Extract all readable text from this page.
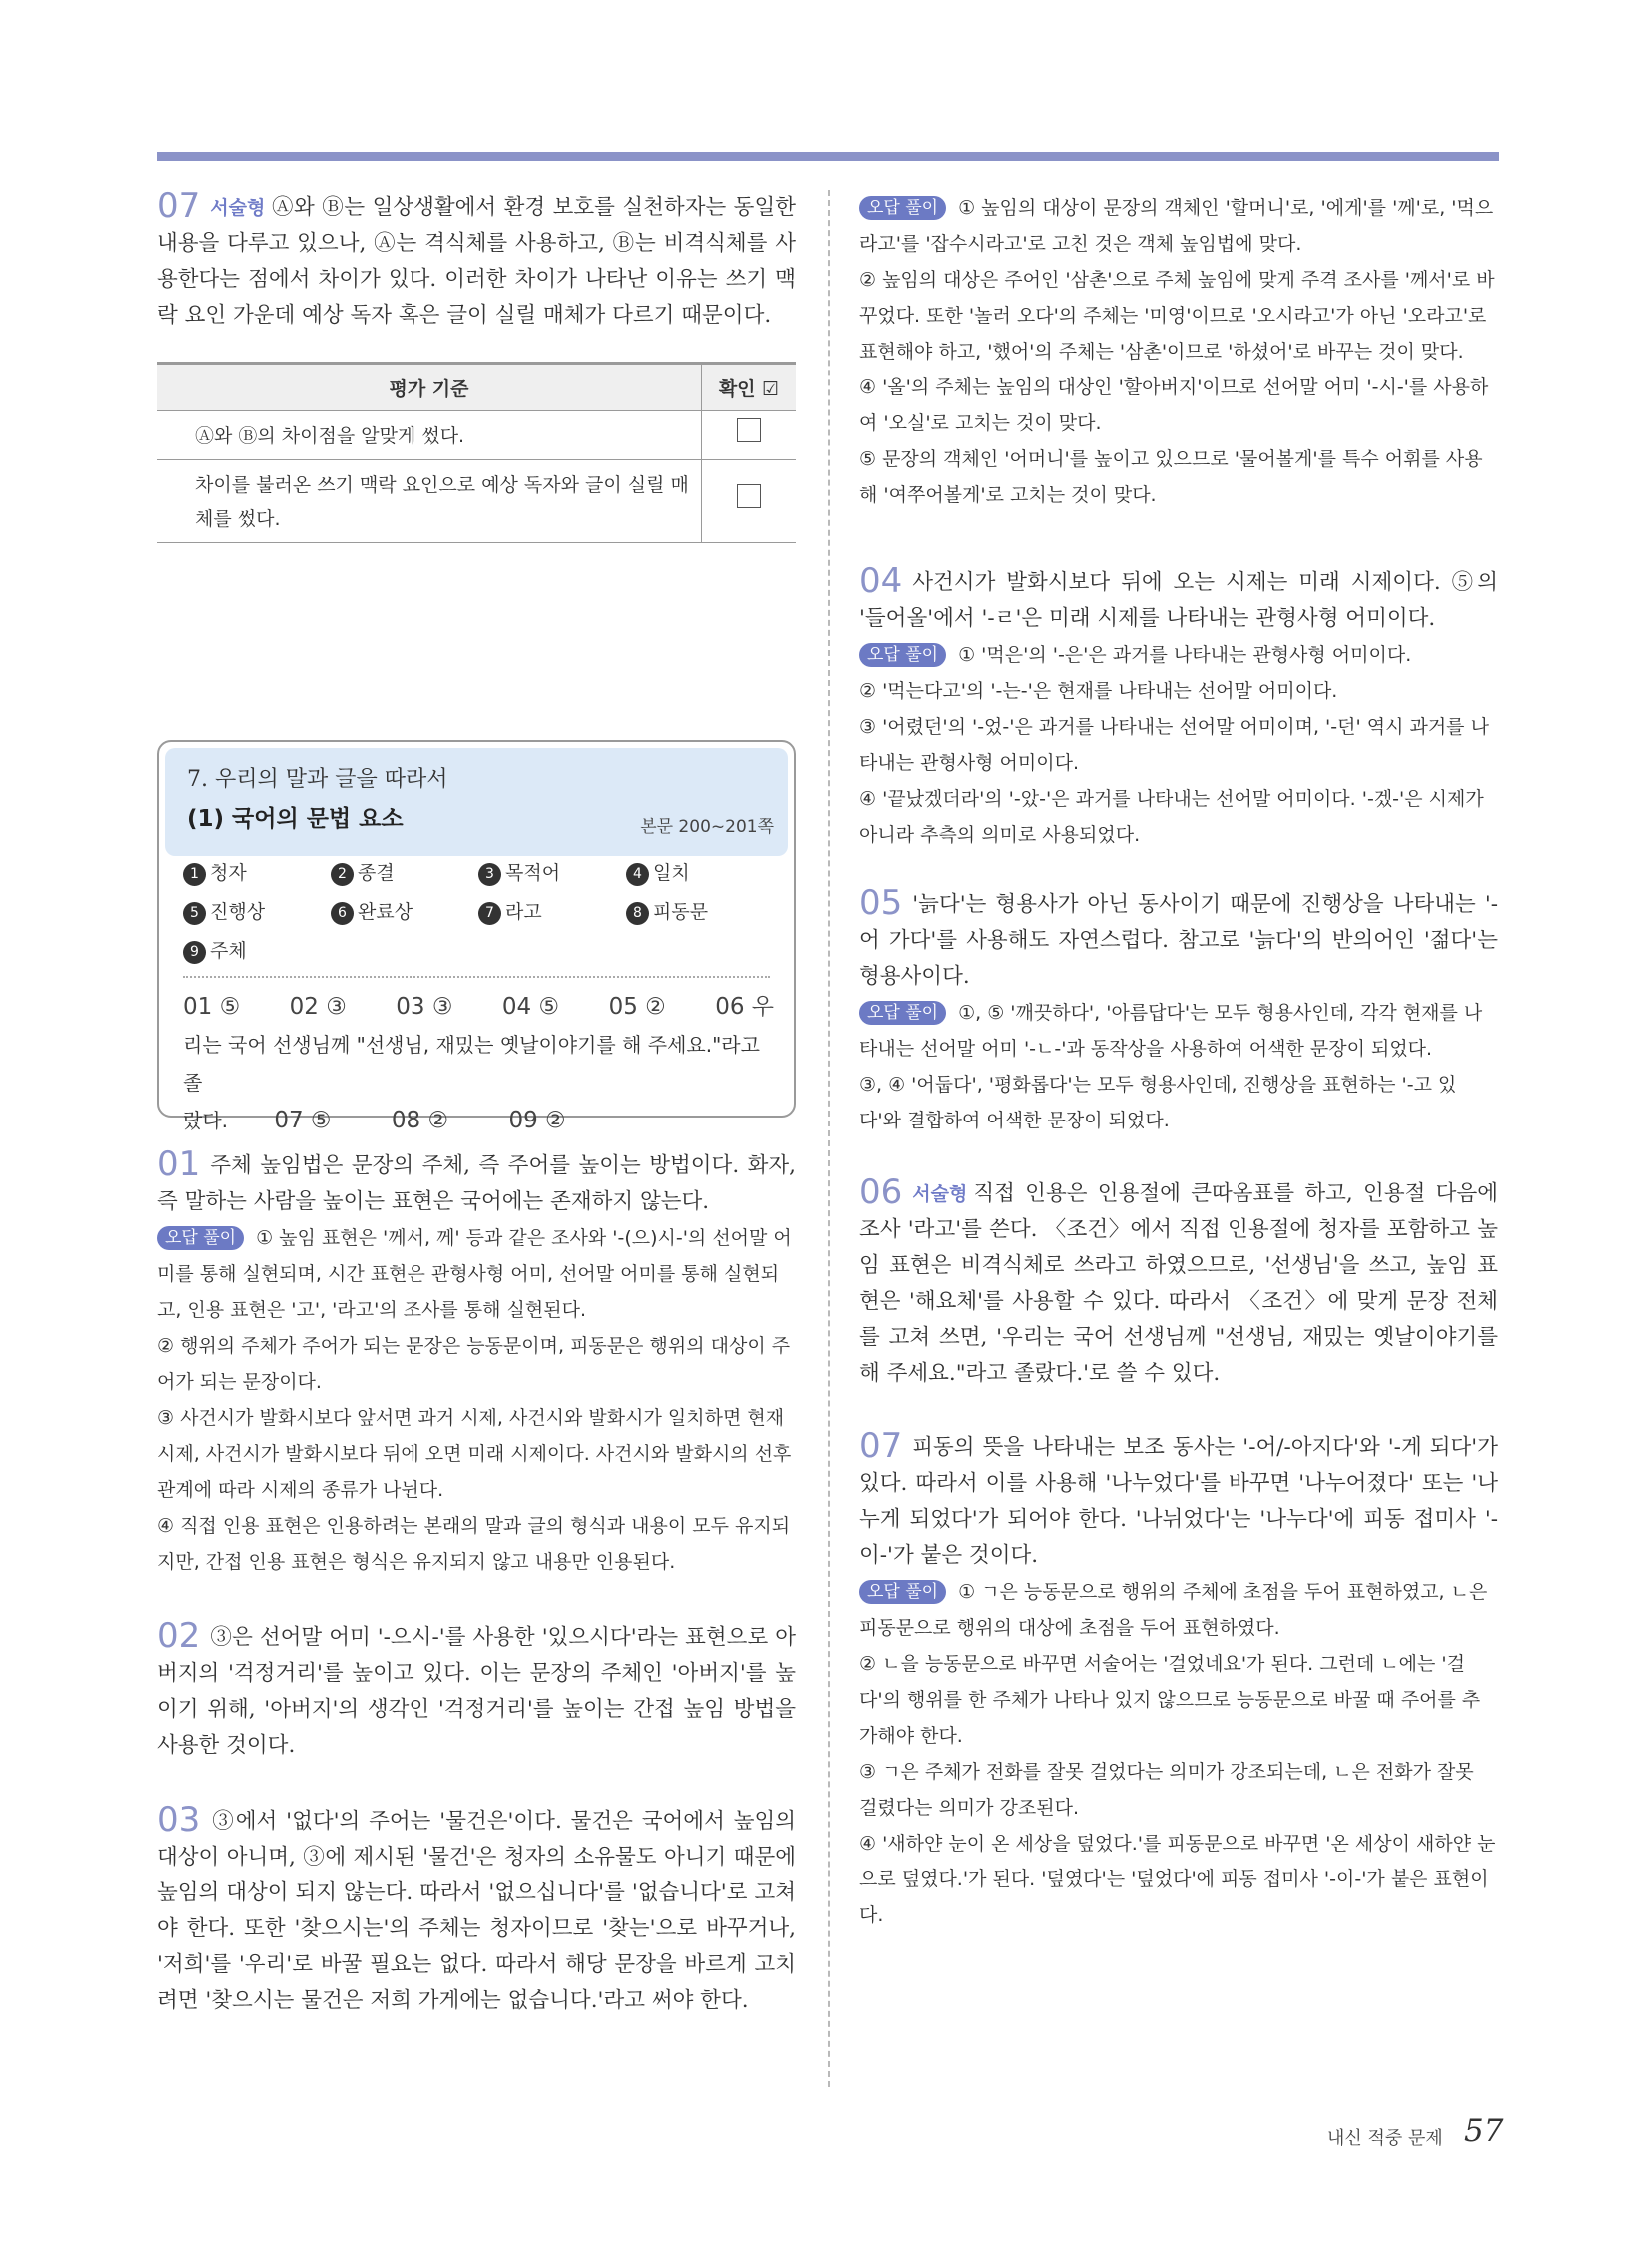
07 서술형 Ⓐ와 Ⓑ는 일상생활에서 환경 보호를 실천하자는 동일한 내용을 다루고 있으나, Ⓐ는 격식체를 사용하고, Ⓑ는 비격식체를 사용한다는 점에서 차이가 있다. 이러한 차이가 나타난 이유는 쓰기 맥락 요인 가운데 예상 독자 혹은 글이 실릴 매체가 다르기 때문이다.
평가 기준	확인 ☑
Ⓐ와 Ⓑ의 차이점을 알맞게 썼다.	
차이를 불러온 쓰기 맥락 요인으로 예상 독자와 글이 실릴 매체를 썼다.	
7. 우리의 말과 글을 따라서
(1) 국어의 문법 요소	본문 200~201쪽
1 청자	2 종결	3 목적어	4 일치
5 진행상	6 완료상	7 라고	8 피동문
9 주체
01 ⑤ 02 ③ 03 ③ 04 ⑤ 05 ② 06 우
리는 국어 선생님께 "선생님, 재밌는 옛날이야기를 해 주세요."라고 졸
랐다. 07 ⑤	08 ②	09 ②
01 주체 높임법은 문장의 주체, 즉 주어를 높이는 방법이다. 화자, 즉 말하는 사람을 높이는 표현은 국어에는 존재하지 않는다.

오답 풀이 ① 높임 표현은 '께서, 께' 등과 같은 조사와 '-(으)시-'의 선어말 어미를 통해 실현되며, 시간 표현은 관형사형 어미, 선어말 어미를 통해 실현되고, 인용 표현은 '고', '라고'의 조사를 통해 실현된다.

② 행위의 주체가 주어가 되는 문장은 능동문이며, 피동문은 행위의 대상이 주어가 되는 문장이다.

③ 사건시가 발화시보다 앞서면 과거 시제, 사건시와 발화시가 일치하면 현재 시제, 사건시가 발화시보다 뒤에 오면 미래 시제이다. 사건시와 발화시의 선후 관계에 따라 시제의 종류가 나뉜다.

④ 직접 인용 표현은 인용하려는 본래의 말과 글의 형식과 내용이 모두 유지되지만, 간접 인용 표현은 형식은 유지되지 않고 내용만 인용된다.

02 ③은 선어말 어미 '-으시-'를 사용한 '있으시다'라는 표현으로 아버지의 '걱정거리'를 높이고 있다. 이는 문장의 주체인 '아버지'를 높이기 위해, '아버지'의 생각인 '걱정거리'를 높이는 간접 높임 방법을 사용한 것이다.
03 ③에서 '없다'의 주어는 '물건은'이다. 물건은 국어에서 높임의 대상이 아니며, ③에 제시된 '물건'은 청자의 소유물도 아니기 때문에 높임의 대상이 되지 않는다. 따라서 '없으십니다'를 '없습니다'로 고쳐야 한다. 또한 '찾으시는'의 주체는 청자이므로 '찾는'으로 바꾸거나, '저희'를 '우리'로 바꿀 필요는 없다. 따라서 해당 문장을 바르게 고치려면 '찾으시는 물건은 저희 가게에는 없습니다.'라고 써야 한다.

오답 풀이 ① 높임의 대상이 문장의 객체인 '할머니'로, '에게'를 '께'로, '먹으라고'를 '잡수시라고'로 고친 것은 객체 높임법에 맞다.

② 높임의 대상은 주어인 '삼촌'으로 주체 높임에 맞게 주격 조사를 '께서'로 바꾸었다. 또한 '놀러 오다'의 주체는 '미영'이므로 '오시라고'가 아닌 '오라고'로 표현해야 하고, '했어'의 주체는 '삼촌'이므로 '하셨어'로 바꾸는 것이 맞다.

④ '올'의 주체는 높임의 대상인 '할아버지'이므로 선어말 어미 '-시-'를 사용하여 '오실'로 고치는 것이 맞다.

⑤ 문장의 객체인 '어머니'를 높이고 있으므로 '물어볼게'를 특수 어휘를 사용해 '여쭈어볼게'로 고치는 것이 맞다.

04 사건시가 발화시보다 뒤에 오는 시제는 미래 시제이다. ⑤의 '들어올'에서 '-ㄹ'은 미래 시제를 나타내는 관형사형 어미이다.

오답 풀이 ① '먹은'의 '-은'은 과거를 나타내는 관형사형 어미이다.

② '먹는다고'의 '-는-'은 현재를 나타내는 선어말 어미이다.

③ '어렸던'의 '-었-'은 과거를 나타내는 선어말 어미이며, '-던' 역시 과거를 나타내는 관형사형 어미이다.

④ '끝났겠더라'의 '-았-'은 과거를 나타내는 선어말 어미이다. '-겠-'은 시제가 아니라 추측의 의미로 사용되었다.

05 '늙다'는 형용사가 아닌 동사이기 때문에 진행상을 나타내는 '-어 가다'를 사용해도 자연스럽다. 참고로 '늙다'의 반의어인 '젊다'는 형용사이다.

오답 풀이 ①, ⑤ '깨끗하다', '아름답다'는 모두 형용사인데, 각각 현재를 나타내는 선어말 어미 '-ㄴ-'과 동작상을 사용하여 어색한 문장이 되었다.

③, ④ '어둡다', '평화롭다'는 모두 형용사인데, 진행상을 표현하는 '-고 있다'와 결합하여 어색한 문장이 되었다.

06 서술형 직접 인용은 인용절에 큰따옴표를 하고, 인용절 다음에 조사 '라고'를 쓴다. 〈조건〉에서 직접 인용절에 청자를 포함하고 높임 표현은 비격식체로 쓰라고 하였으므로, '선생님'을 쓰고, 높임 표현은 '해요체'를 사용할 수 있다. 따라서 〈조건〉에 맞게 문장 전체를 고쳐 쓰면, '우리는 국어 선생님께 "선생님, 재밌는 옛날이야기를 해 주세요."라고 졸랐다.'로 쓸 수 있다.
07 피동의 뜻을 나타내는 보조 동사는 '-어/-아지다'와 '-게 되다'가 있다. 따라서 이를 사용해 '나누었다'를 바꾸면 '나누어졌다' 또는 '나누게 되었다'가 되어야 한다. '나뉘었다'는 '나누다'에 피동 접미사 '-이-'가 붙은 것이다.

오답 풀이 ① ㄱ은 능동문으로 행위의 주체에 초점을 두어 표현하였고, ㄴ은 피동문으로 행위의 대상에 초점을 두어 표현하였다.

② ㄴ을 능동문으로 바꾸면 서술어는 '걸었네요'가 된다. 그런데 ㄴ에는 '걸다'의 행위를 한 주체가 나타나 있지 않으므로 능동문으로 바꿀 때 주어를 추가해야 한다.

③ ㄱ은 주체가 전화를 잘못 걸었다는 의미가 강조되는데, ㄴ은 전화가 잘못 걸렸다는 의미가 강조된다.

④ '새하얀 눈이 온 세상을 덮었다.'를 피동문으로 바꾸면 '온 세상이 새하얀 눈으로 덮였다.'가 된다. '덮였다'는 '덮었다'에 피동 접미사 '-이-'가 붙은 표현이다.

내신 적중 문제 57
